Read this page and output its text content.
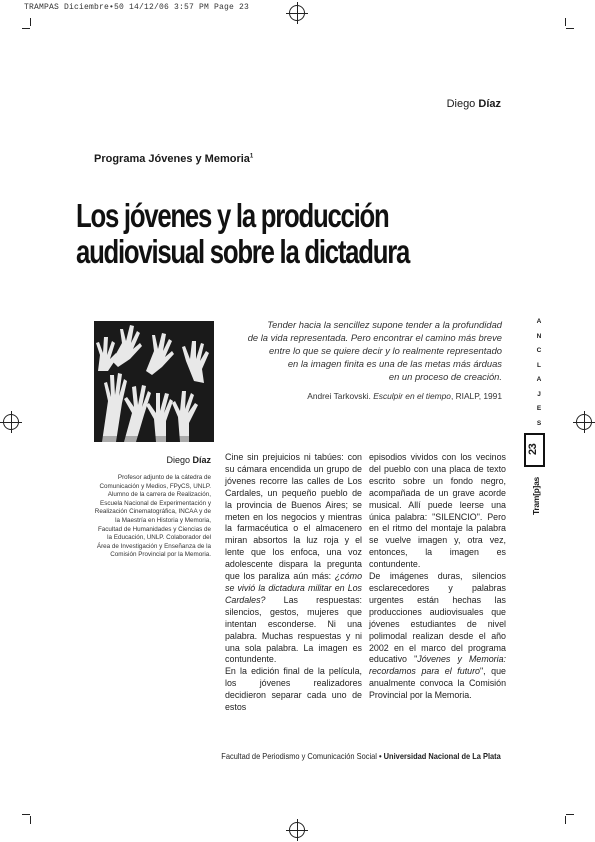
TRAMPAS Diciembre•50 14/12/06 3:57 PM Page 23
Diego Díaz
Programa Jóvenes y Memoria$^1$
Los jóvenes y la producción
audiovisual sobre la dictadura
Tender hacia la sencillez supone tender a la profundidad
de la vida representada. Pero encontrar el camino más breve
entre lo que se quiere decir y lo realmente representado
en la imagen finita es una de las metas más árduas
en un proceso de creación.
Andrei Tarkovski. Esculpir en el tiempo, RIALP, 1991
Diego Díaz
Profesor adjunto de la cátedra de Comunicación y Medios, FPyCS, UNLP. Alumno de la carrera de Realización, Escuela Nacional de Experimentación y Realización Cinematográfica, INCAA y de la Maestría en Historia y Memoria, Facultad de Humanidades y Ciencias de la Educación, UNLP. Colaborador del Área de Investigación y Enseñanza de la Comisión Provincial por la Memoria.

Cine sin prejuicios ni tabúes: con su cámara encendida un grupo de jóvenes recorre las calles de Los Cardales, un pequeño pueblo de la provincia de Buenos Aires; se meten en los negocios y mientras la farmacéutica o el almacenero miran absortos la luz roja y el lente que los enfoca, una voz adolescente dispara la pregunta que los paraliza aún más: ¿cómo se vivió la dictadura militar en Los Cardales? Las respuestas: silencios, gestos, mujeres que intentan esconderse. Ni una palabra. Muchas respuestas y ni una sola palabra. La imagen es contundente.

En la edición final de la película, los jóvenes realizadores decidieron separar cada uno de estos

episodios vividos con los vecinos del pueblo con una placa de texto escrito sobre un fondo negro, acompañada de un grave acorde musical. Allí puede leerse una única palabra: "SILENCIO". Pero en el ritmo del montaje la palabra se vuelve imagen y, otra vez, entonces, la imagen es contundente.

De imágenes duras, silencios esclarecedores y palabras urgentes están hechas las producciones audiovisuales que jóvenes estudiantes de nivel polimodal realizan desde el año 2002 en el marco del programa educativo "Jóvenes y Memoria: recordamos para el futuro", que anualmente convoca la Comisión Provincial por la Memoria.

A
N
C
L
A
J
E
S
23
Tram[p]as
Facultad de Periodismo y Comunicación Social • Universidad Nacional de La Plata
